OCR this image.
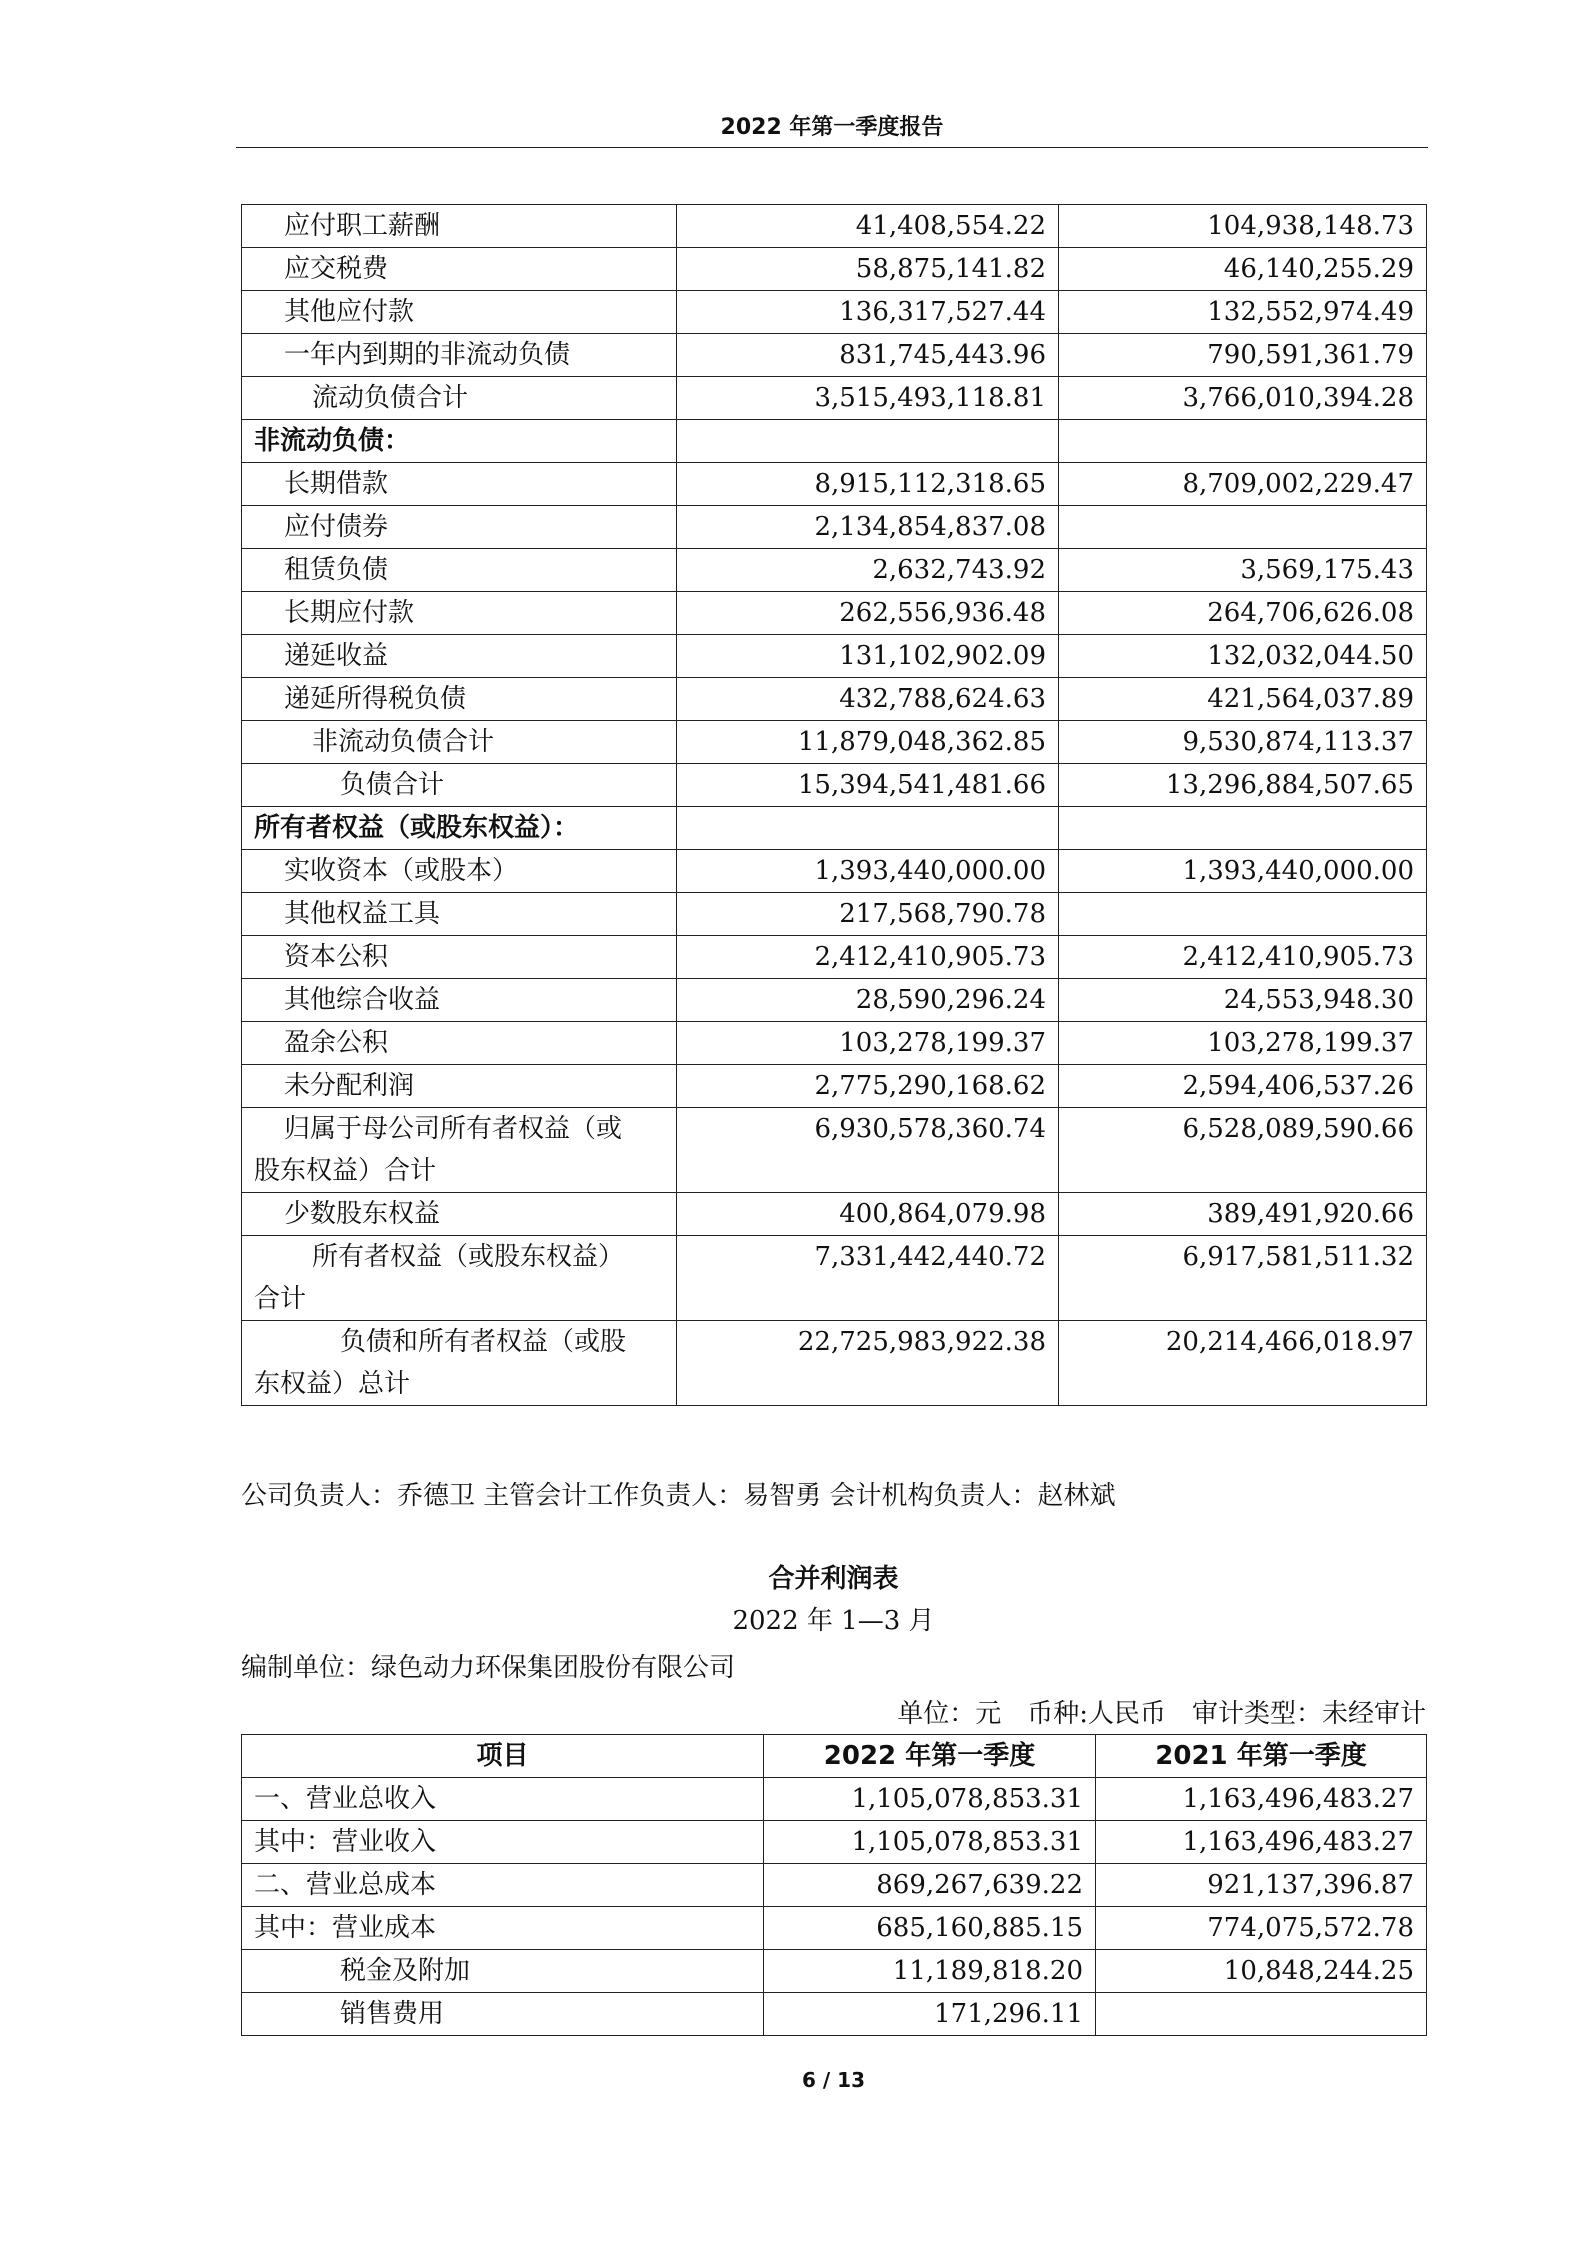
2022 年第一季度报告
应付职工薪酬	41,408,554.22	104,938,148.73
应交税费	58,875,141.82	46,140,255.29
其他应付款	136,317,527.44	132,552,974.49
一年内到期的非流动负债	831,745,443.96	790,591,361.79
流动负债合计	3,515,493,118.81	3,766,010,394.28
非流动负债：		
长期借款	8,915,112,318.65	8,709,002,229.47
应付债券	2,134,854,837.08	
租赁负债	2,632,743.92	3,569,175.43
长期应付款	262,556,936.48	264,706,626.08
递延收益	131,102,902.09	132,032,044.50
递延所得税负债	432,788,624.63	421,564,037.89
非流动负债合计	11,879,048,362.85	9,530,874,113.37
负债合计	15,394,541,481.66	13,296,884,507.65
所有者权益（或股东权益）：		
实收资本（或股本）	1,393,440,000.00	1,393,440,000.00
其他权益工具	217,568,790.78	
资本公积	2,412,410,905.73	2,412,410,905.73
其他综合收益	28,590,296.24	24,553,948.30
盈余公积	103,278,199.37	103,278,199.37
未分配利润	2,775,290,168.62	2,594,406,537.26

归属于母公司所有者权益（或
股东权益）合计	6,930,578,360.74	6,528,089,590.66
少数股东权益	400,864,079.98	389,491,920.66

所有者权益（或股东权益）
合计	7,331,442,440.72	6,917,581,511.32

负债和所有者权益（或股
东权益）总计	22,725,983,922.38	20,214,466,018.97
公司负责人：乔德卫 主管会计工作负责人：易智勇 会计机构负责人：赵林斌
合并利润表
2022 年 1—3 月
编制单位：绿色动力环保集团股份有限公司
单位：元　币种:人民币　审计类型：未经审计
项目	2022 年第一季度	2021 年第一季度
一、营业总收入	1,105,078,853.31	1,163,496,483.27
其中：营业收入	1,105,078,853.31	1,163,496,483.27
二、营业总成本	869,267,639.22	921,137,396.87
其中：营业成本	685,160,885.15	774,075,572.78
税金及附加	11,189,818.20	10,848,244.25
销售费用	171,296.11	
6 / 13
